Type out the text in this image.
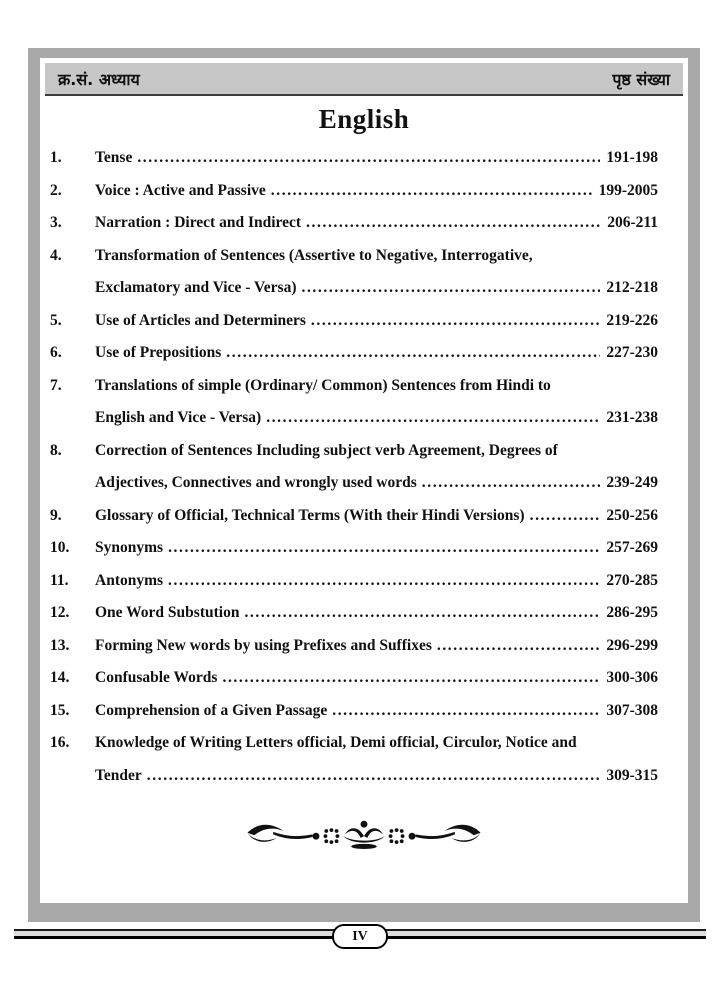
क्र.सं. अध्याय	पृष्ठ संख्या
English
1.	Tense .....	191-198
2.	Voice : Active and Passive .....	199-2005
3.	Narration : Direct and Indirect .....	206-211
4.	Transformation of Sentences (Assertive to Negative, Interrogative,
Exclamatory and Vice - Versa) .....	212-218
5.	Use of Articles and Determiners .....	219-226
6.	Use of Prepositions .....	227-230
7.	Translations of simple (Ordinary/ Common) Sentences from Hindi to
English and Vice - Versa) .....	231-238
8.	Correction of Sentences Including subject verb Agreement, Degrees of
Adjectives, Connectives and wrongly used words .....	239-249
9.	Glossary of Official, Technical Terms (With their Hindi Versions) .....	250-256
10.	Synonyms .....	257-269
11.	Antonyms .....	270-285
12.	One Word Substution .....	286-295
13.	Forming New words by using Prefixes and Suffixes .....	296-299
14.	Confusable Words .....	300-306
15.	Comprehension of a Given Passage .....	307-308
16.	Knowledge of Writing Letters official, Demi official, Circulor, Notice and
Tender .....	309-315
IV
